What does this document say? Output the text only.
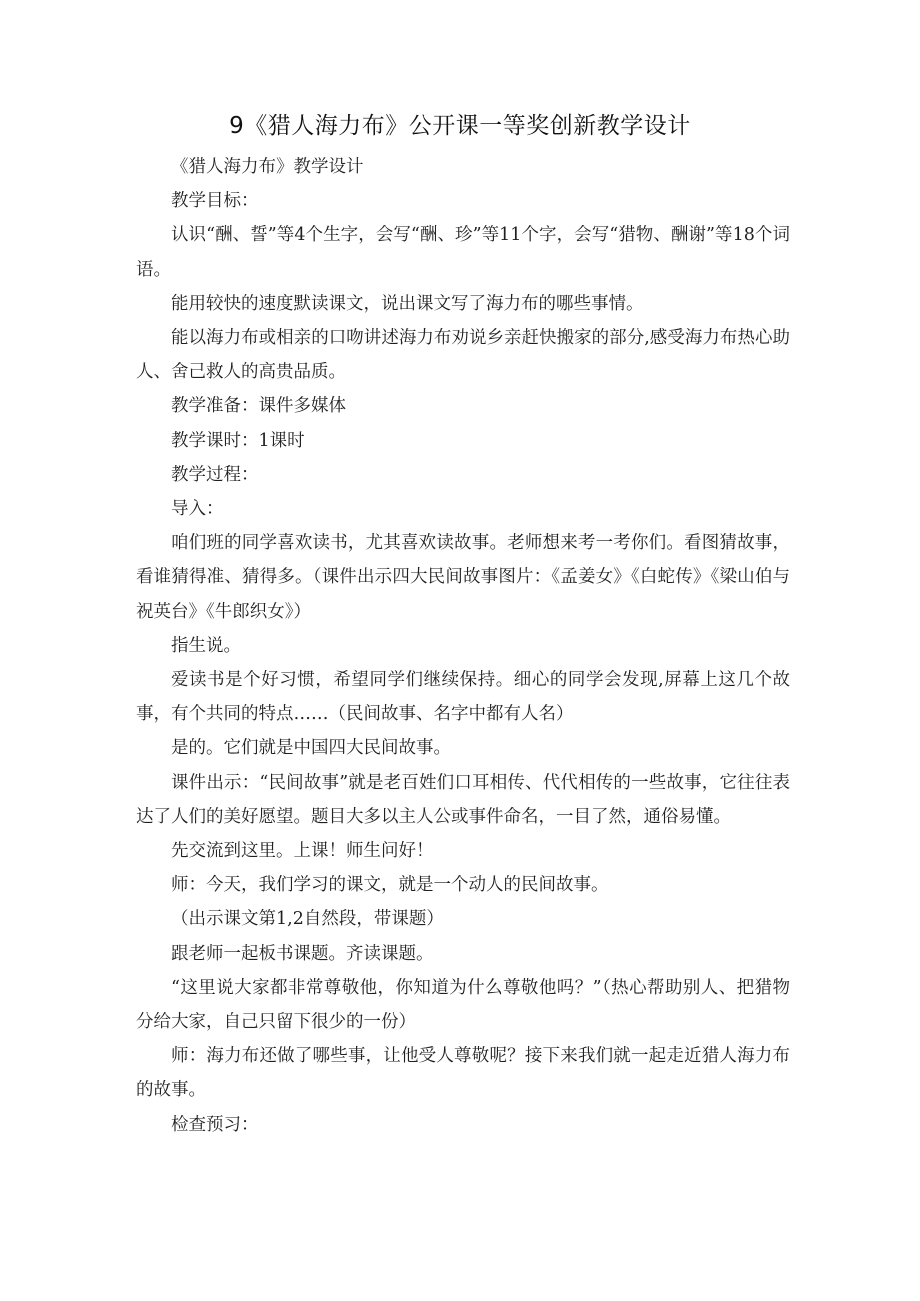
9《猎人海力布》公开课一等奖创新教学设计

《猎人海力布》教学设计

教学目标：

认识“酬、誓”等4个生字，会写“酬、珍”等11个字，会写“猎物、酬谢”等18个词语。

能用较快的速度默读课文，说出课文写了海力布的哪些事情。

能以海力布或相亲的口吻讲述海力布劝说乡亲赶快搬家的部分,感受海力布热心助人、舍己救人的高贵品质。

教学准备：课件多媒体

教学课时：1课时

教学过程：

导入：

咱们班的同学喜欢读书，尤其喜欢读故事。老师想来考一考你们。看图猜故事，看谁猜得准、猜得多。（课件出示四大民间故事图片：《孟姜女》《白蛇传》《梁山伯与祝英台》《牛郎织女》）

指生说。

爱读书是个好习惯，希望同学们继续保持。细心的同学会发现,屏幕上这几个故事，有个共同的特点……（民间故事、名字中都有人名）

是的。它们就是中国四大民间故事。

课件出示：“民间故事”就是老百姓们口耳相传、代代相传的一些故事，它往往表达了人们的美好愿望。题目大多以主人公或事件命名，一目了然，通俗易懂。

先交流到这里。上课！师生问好！

师：今天，我们学习的课文，就是一个动人的民间故事。

（出示课文第1,2自然段，带课题）

跟老师一起板书课题。齐读课题。

“这里说大家都非常尊敬他，你知道为什么尊敬他吗？”（热心帮助别人、把猎物分给大家，自己只留下很少的一份）

师：海力布还做了哪些事，让他受人尊敬呢？接下来我们就一起走近猎人海力布的故事。

检查预习：
